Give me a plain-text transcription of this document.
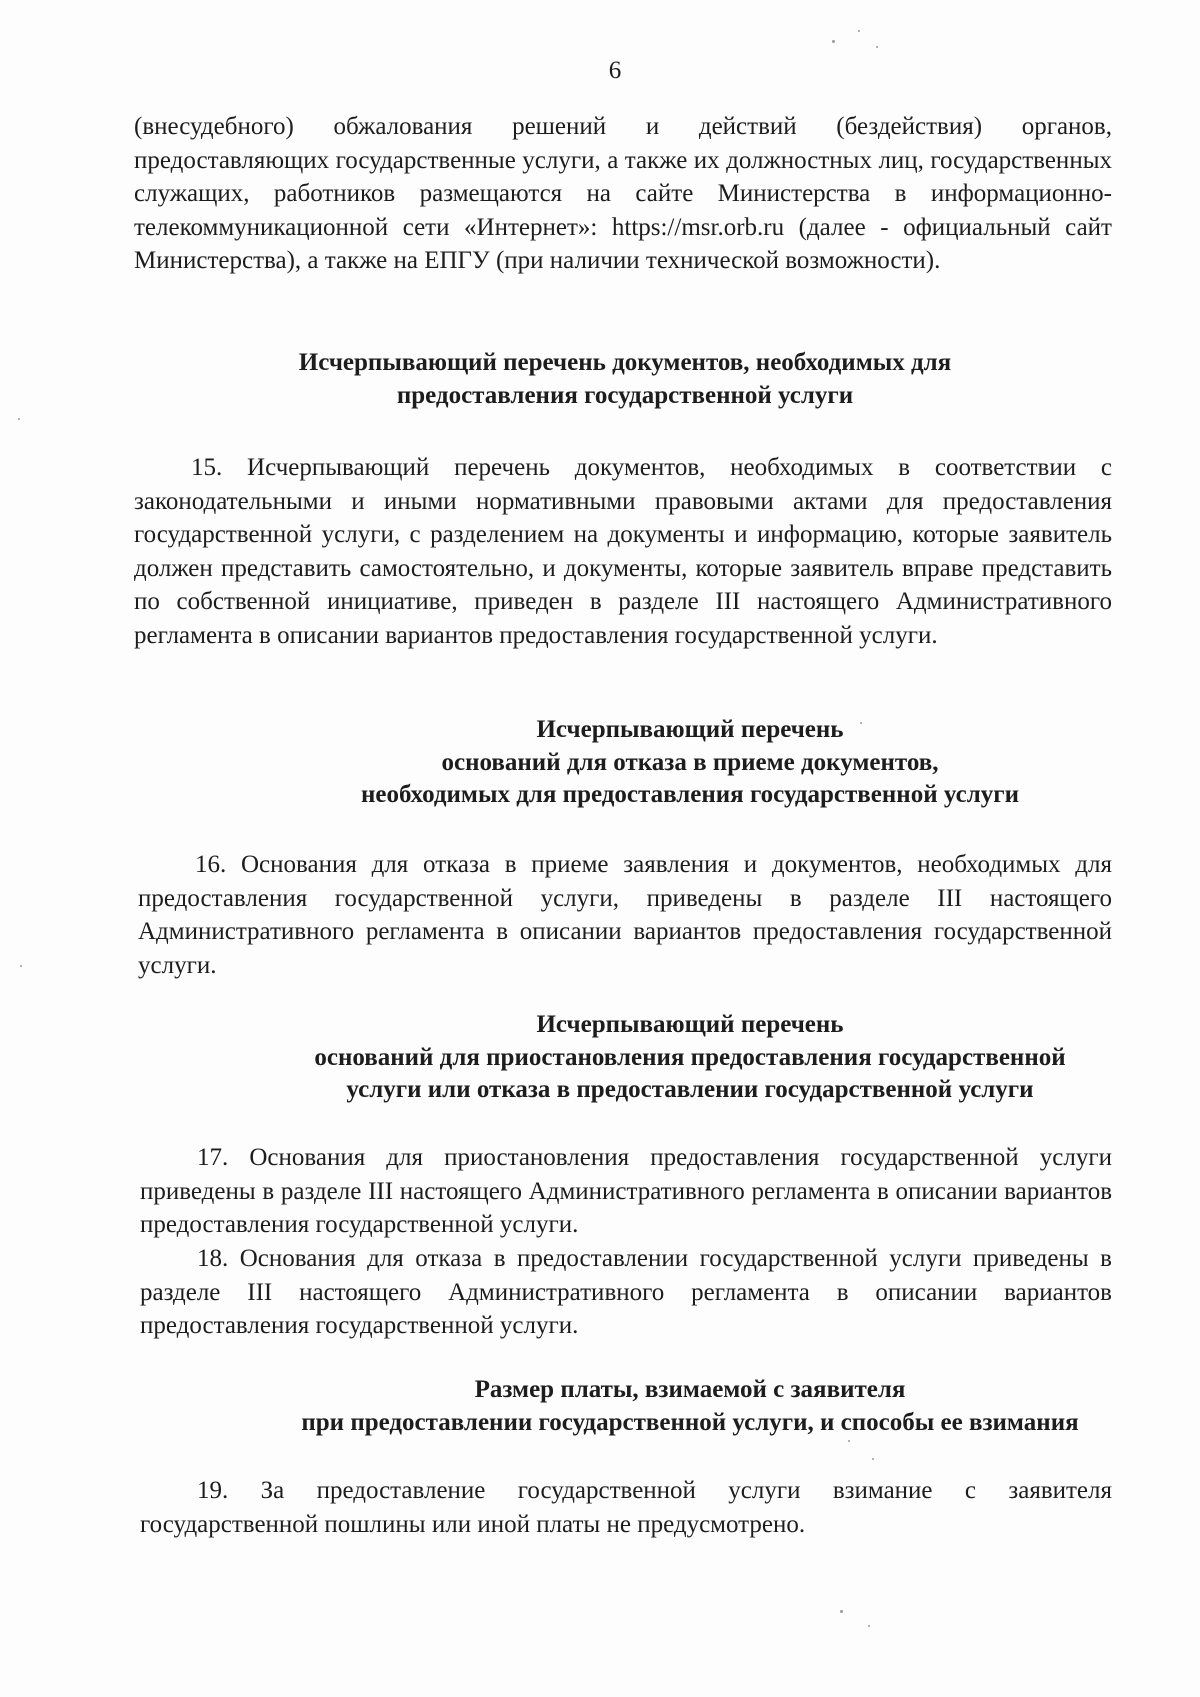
6

(внесудебного) обжалования решений и действий (бездействия) органов, предоставляющих государственные услуги, а также их должностных лиц, государственных служащих, работников размещаются на сайте Министерства в информационно- телекоммуникационной сети «Интернет»: https://msr.orb.ru (далее - официальный сайт Министерства), а также на ЕПГУ (при наличии технической возможности).

Исчерпывающий перечень документов, необходимых для
предоставления государственной услуги

15. Исчерпывающий перечень документов, необходимых в соответствии с законодательными и иными нормативными правовыми актами для предоставления государственной услуги, с разделением на документы и информацию, которые заявитель должен представить самостоятельно, и документы, которые заявитель вправе представить по собственной инициативе, приведен в разделе III настоящего Административного регламента в описании вариантов предоставления государственной услуги.

Исчерпывающий перечень
оснований для отказа в приеме документов,
необходимых для предоставления государственной услуги

16. Основания для отказа в приеме заявления и документов, необходимых для предоставления государственной услуги, приведены в разделе III настоящего Административного регламента в описании вариантов предоставления государственной услуги.

Исчерпывающий перечень
оснований для приостановления предоставления государственной
услуги или отказа в предоставлении государственной услуги

17. Основания для приостановления предоставления государственной услуги приведены в разделе III настоящего Административного регламента в описании вариантов предоставления государственной услуги.

18. Основания для отказа в предоставлении государственной услуги приведены в разделе III настоящего Административного регламента в описании вариантов предоставления государственной услуги.

Размер платы, взимаемой с заявителя
при предоставлении государственной услуги, и способы ее взимания

19. За предоставление государственной услуги взимание с заявителя государственной пошлины или иной платы не предусмотрено.
